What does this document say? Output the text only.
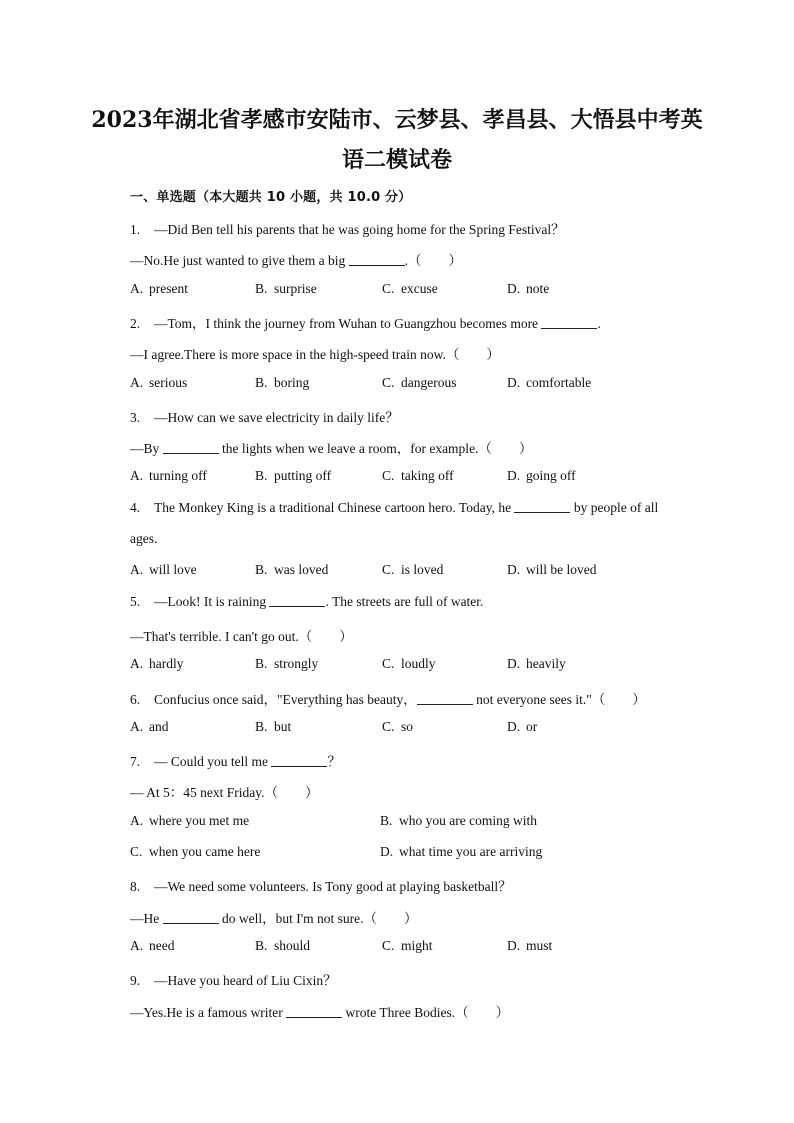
2023年湖北省孝感市安陆市、云梦县、孝昌县、大悟县中考英
语二模试卷
一、单选题（本大题共 10 小题，共 10.0 分）
1. —Did Ben tell his parents that he was going home for the Spring Festival？
—No.He just wanted to give them a big	.（　　）
A. present	B. surprise	C. excuse	D. note
2. —Tom，I think the journey from Wuhan to Guangzhou becomes more	.
—I agree.There is more space in the high-speed train now.（　　）
A. serious	B. boring	C. dangerous	D. comfortable
3. —How can we save electricity in daily life？
—By	the lights when we leave a room，for example.（　　）
A. turning off	B. putting off	C. taking off	D. going off
4. The Monkey King is a traditional Chinese cartoon hero. Today, he	by people of all
ages.
A. will love	B. was loved	C. is loved	D. will be loved
5. —Look! It is raining	. The streets are full of water.
—That's terrible. I can't go out.（　　）
A. hardly	B. strongly	C. loudly	D. heavily
6. Confucius once said，"Everything has beauty，	not everyone sees it."（　　）
A. and	B. but	C. so	D. or
7. — Could you tell me	？
— At 5：45 next Friday.（　　）
A. where you met me	B. who you are coming with
C. when you came here	D. what time you are arriving
8. —We need some volunteers. Is Tony good at playing basketball？
—He	do well，but I'm not sure.（　　）
A. need	B. should	C. might	D. must
9. —Have you heard of Liu Cixin？
—Yes.He is a famous writer	wrote Three Bodies.（　　）
